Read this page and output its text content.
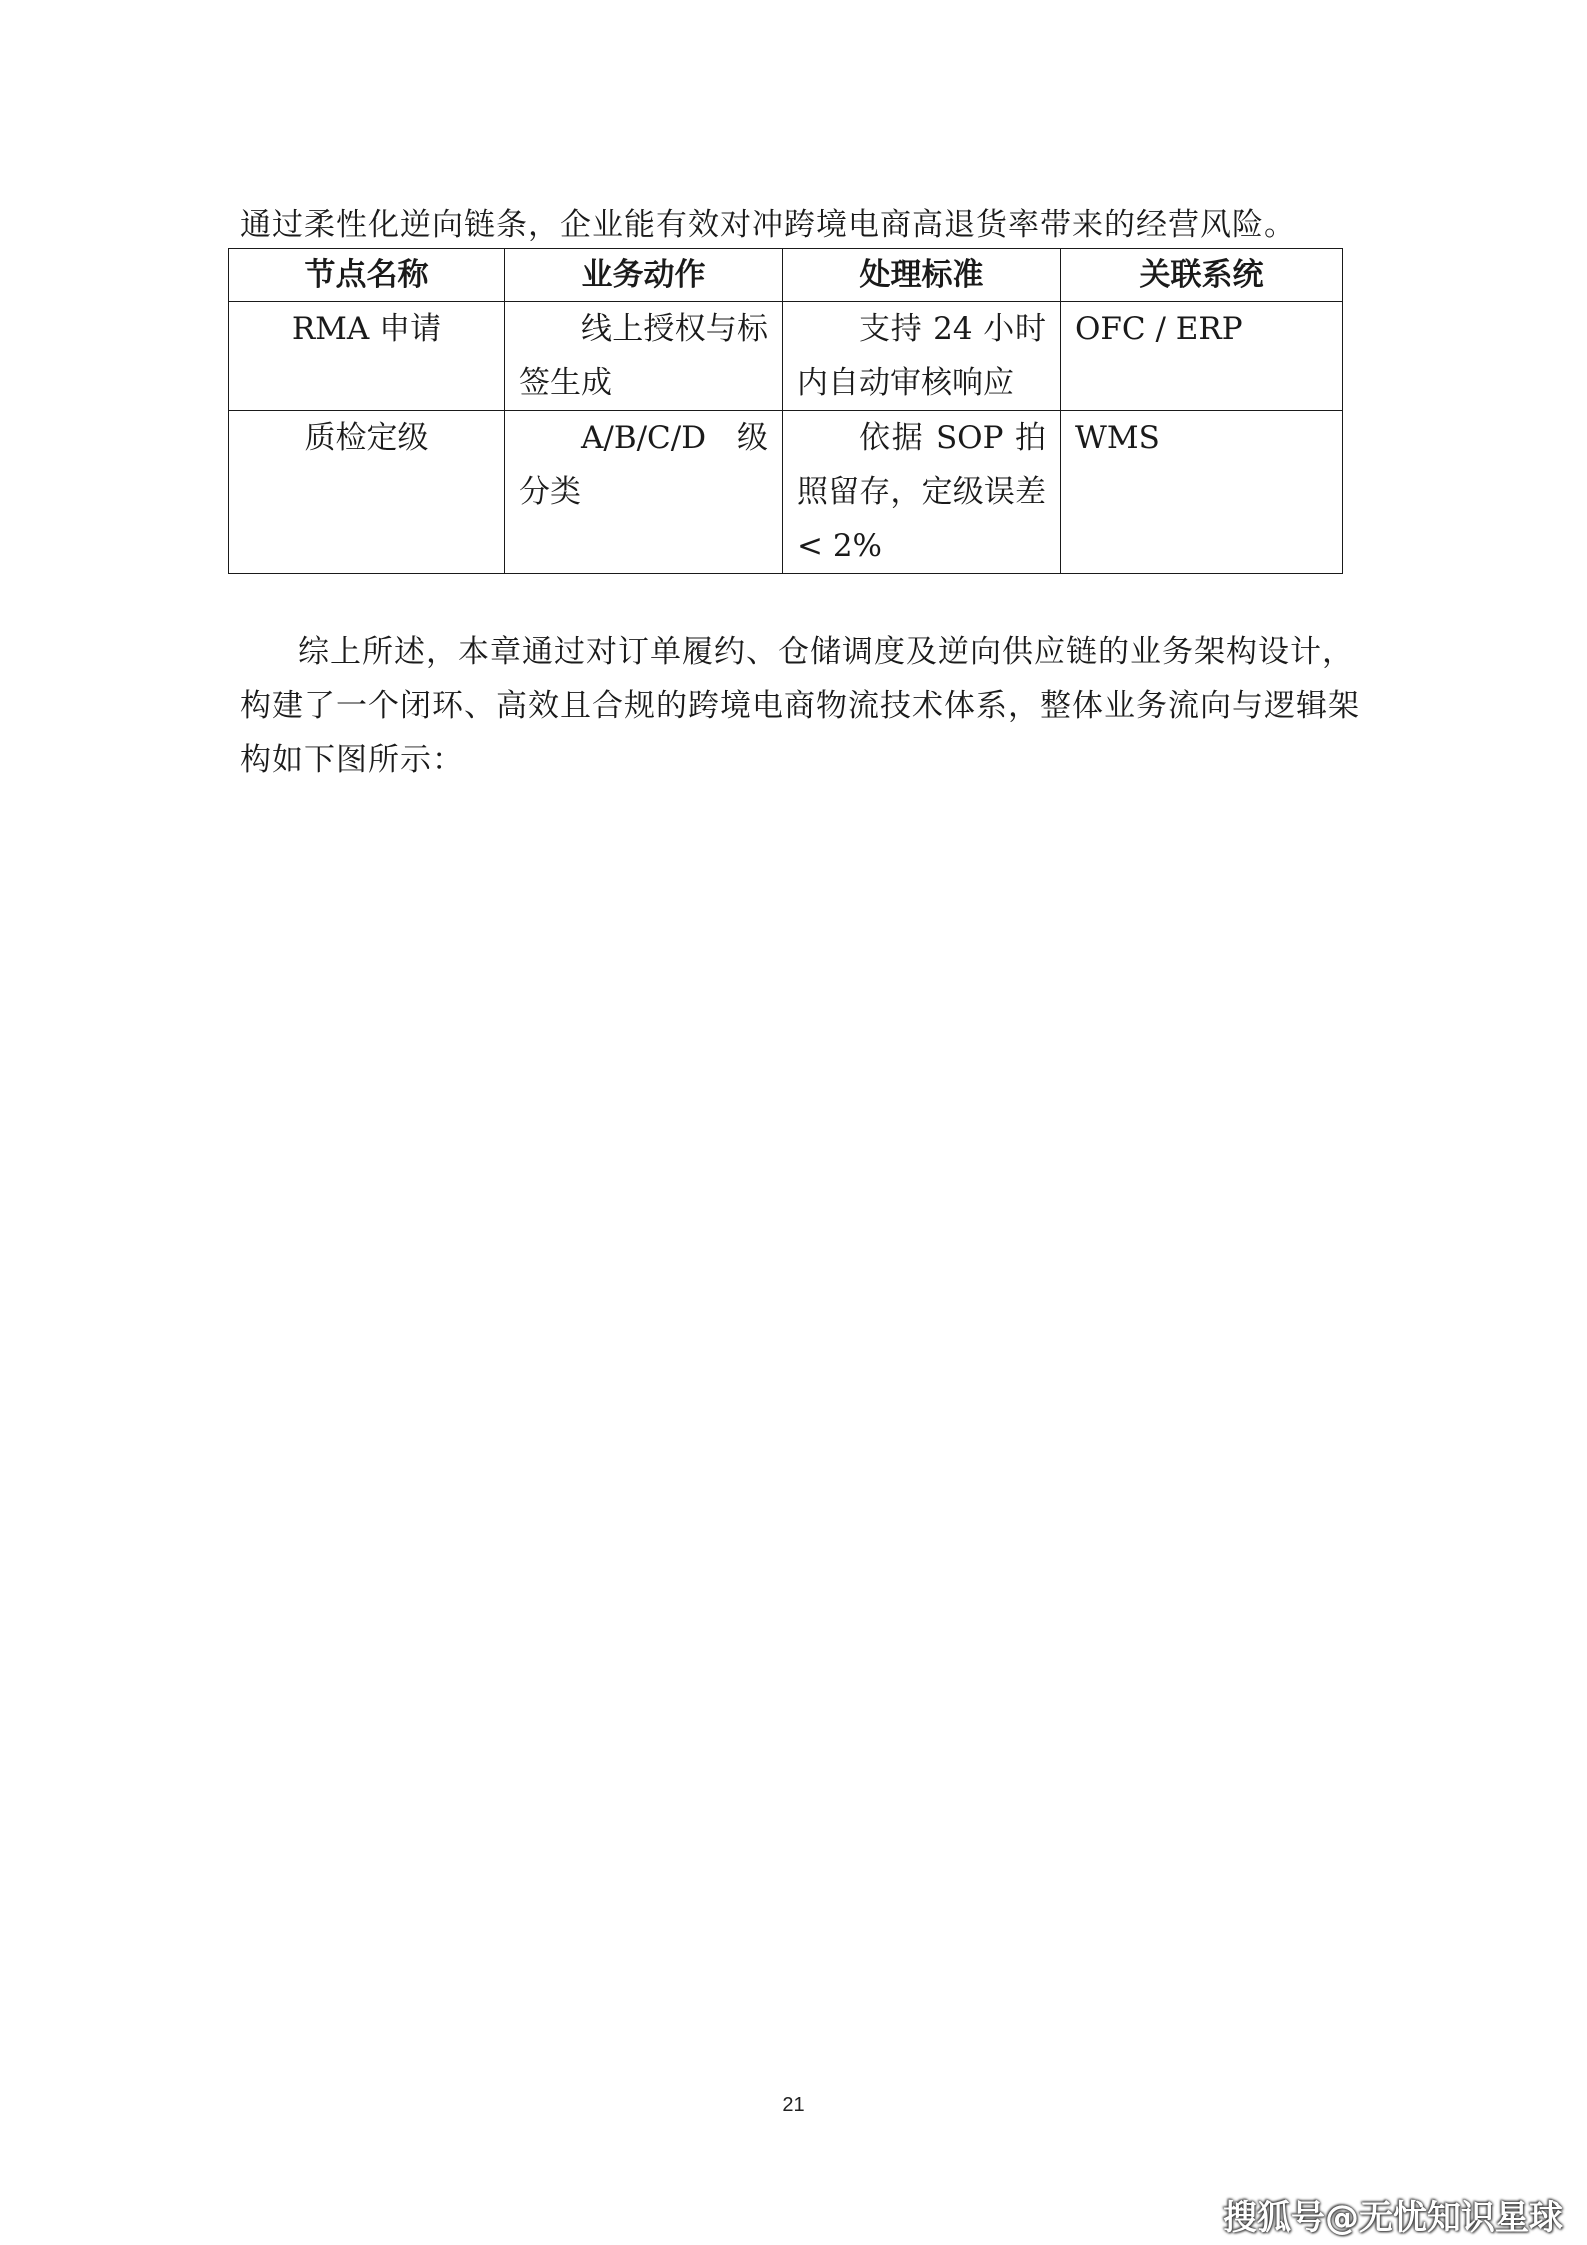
通过柔性化逆向链条，企业能有效对冲跨境电商高退货率带来的经营风险。
节点名称	业务动作	处理标准	关联系统
RMA 申请	线上授权与标签生成	支持 24 小时内自动审核响应	OFC / ERP
质检定级	A/B/C/D 级分类	依据 SOP 拍照留存，定级误差 < 2%	WMS
综上所述，本章通过对订单履约、仓储调度及逆向供应链的业务架构设计，
构建了一个闭环、高效且合规的跨境电商物流技术体系，整体业务流向与逻辑架
构如下图所示：
21
搜狐号@无忧知识星球
